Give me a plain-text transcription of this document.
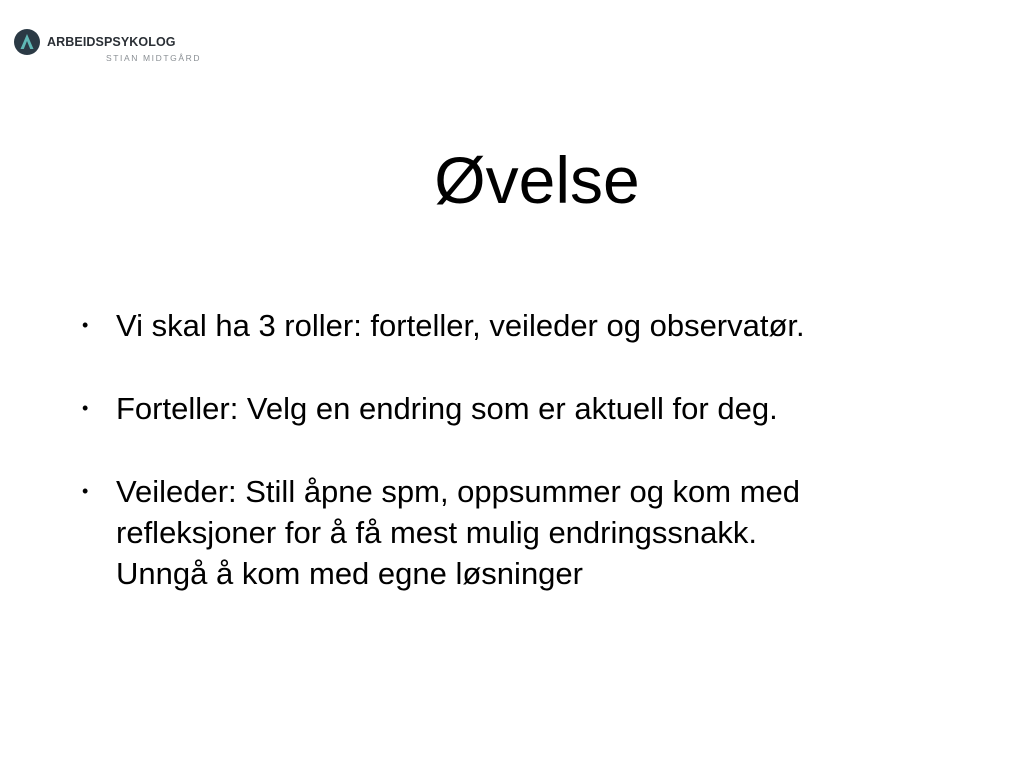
ARBEIDSPSYKOLOG
STIAN MIDTGÅRD
Øvelse
• Vi skal ha 3 roller: forteller, veileder og observatør.
• Forteller: Velg en endring som er aktuell for deg.
• Veileder: Still åpne spm, oppsummer og kom med
refleksjoner for å få mest mulig endringssnakk.
Unngå å kom med egne løsninger
